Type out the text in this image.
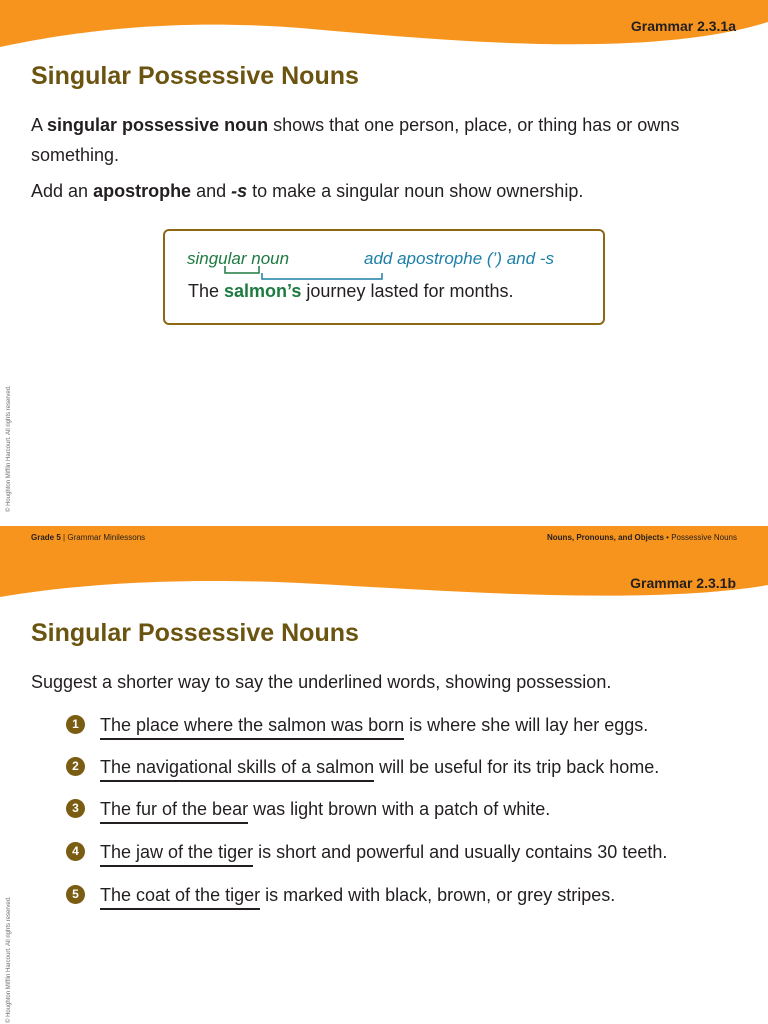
Grammar 2.3.1a
Singular Possessive Nouns

A singular possessive noun shows that one person, place, or thing has or owns something.

Add an apostrophe and -s to make a singular noun show ownership.

singular noun	add apostrophe (’) and -s
The salmon’s journey lasted for months.
© Houghton Mifflin Harcourt. All rights reserved.
Grade 5 | Grammar Minilessons	Nouns, Pronouns, and Objects • Possessive Nouns
Grammar 2.3.1b
Singular Possessive Nouns

Suggest a shorter way to say the underlined words, showing possession.

1	The place where the salmon was born is where she will lay her eggs.
2	The navigational skills of a salmon will be useful for its trip back home.
3	The fur of the bear was light brown with a patch of white.
4	The jaw of the tiger is short and powerful and usually contains 30 teeth.
5	The coat of the tiger is marked with black, brown, or grey stripes.
© Houghton Mifflin Harcourt. All rights reserved.
